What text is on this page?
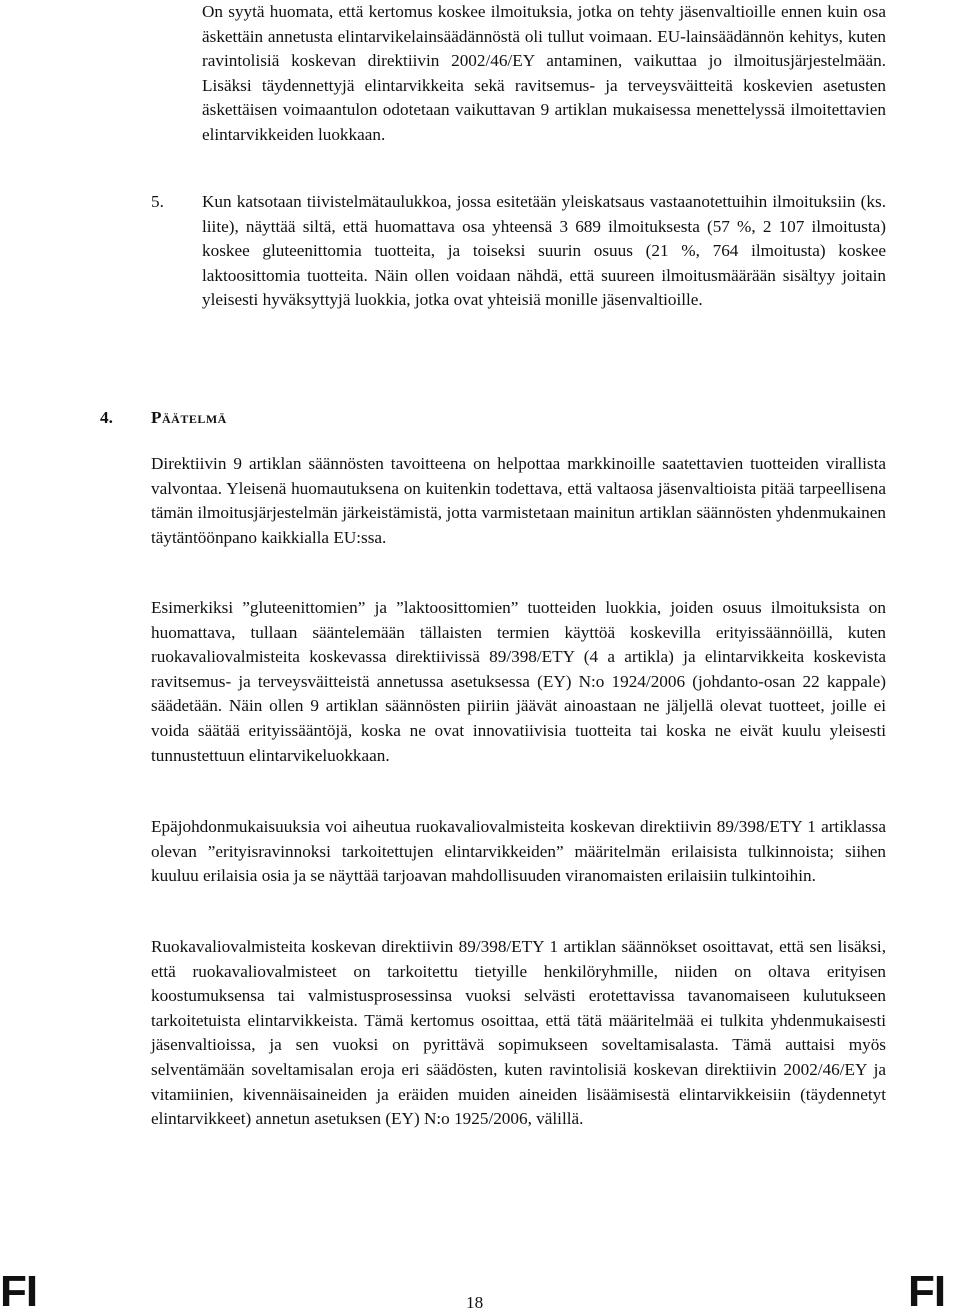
On syytä huomata, että kertomus koskee ilmoituksia, jotka on tehty jäsenvaltioille ennen kuin osa äskettäin annetusta elintarvikelainsäädännöstä oli tullut voimaan. EU-lainsäädännön kehitys, kuten ravintolisiä koskevan direktiivin 2002/46/EY antaminen, vaikuttaa jo ilmoitusjärjestelmään. Lisäksi täydennettyjä elintarvikkeita sekä ravitsemus- ja terveysväitteitä koskevien asetusten äskettäisen voimaantulon odotetaan vaikuttavan 9 artiklan mukaisessa menettelyssä ilmoitettavien elintarvikkeiden luokkaan.

5. Kun katsotaan tiivistelmätaulukkoa, jossa esitetään yleiskatsaus vastaanotettuihin ilmoituksiin (ks. liite), näyttää siltä, että huomattava osa yhteensä 3 689 ilmoituksesta (57 %, 2 107 ilmoitusta) koskee gluteenittomia tuotteita, ja toiseksi suurin osuus (21 %, 764 ilmoitusta) koskee laktoosittomia tuotteita. Näin ollen voidaan nähdä, että suureen ilmoitusmäärään sisältyy joitain yleisesti hyväksyttyjä luokkia, jotka ovat yhteisiä monille jäsenvaltioille.

4. Päätelmä

Direktiivin 9 artiklan säännösten tavoitteena on helpottaa markkinoille saatettavien tuotteiden virallista valvontaa. Yleisenä huomautuksena on kuitenkin todettava, että valtaosa jäsenvaltioista pitää tarpeellisena tämän ilmoitusjärjestelmän järkeistämistä, jotta varmistetaan mainitun artiklan säännösten yhdenmukainen täytäntöönpano kaikkialla EU:ssa.

Esimerkiksi ”gluteenittomien” ja ”laktoosittomien” tuotteiden luokkia, joiden osuus ilmoituksista on huomattava, tullaan sääntelemään tällaisten termien käyttöä koskevilla erityissäännöillä, kuten ruokavaliovalmisteita koskevassa direktiivissä 89/398/ETY (4 a artikla) ja elintarvikkeita koskevista ravitsemus- ja terveysväitteistä annetussa asetuksessa (EY) N:o 1924/2006 (johdanto-osan 22 kappale) säädetään. Näin ollen 9 artiklan säännösten piiriin jäävät ainoastaan ne jäljellä olevat tuotteet, joille ei voida säätää erityissääntöjä, koska ne ovat innovatiivisia tuotteita tai koska ne eivät kuulu yleisesti tunnustettuun elintarvikeluokkaan.

Epäjohdonmukaisuuksia voi aiheutua ruokavaliovalmisteita koskevan direktiivin 89/398/ETY 1 artiklassa olevan ”erityisravinnoksi tarkoitettujen elintarvikkeiden” määritelmän erilaisista tulkinnoista; siihen kuuluu erilaisia osia ja se näyttää tarjoavan mahdollisuuden viranomaisten erilaisiin tulkintoihin.

Ruokavaliovalmisteita koskevan direktiivin 89/398/ETY 1 artiklan säännökset osoittavat, että sen lisäksi, että ruokavaliovalmisteet on tarkoitettu tietyille henkilöryhmille, niiden on oltava erityisen koostumuksensa tai valmistusprosessinsa vuoksi selvästi erotettavissa tavanomaiseen kulutukseen tarkoitetuista elintarvikkeista. Tämä kertomus osoittaa, että tätä määritelmää ei tulkita yhdenmukaisesti jäsenvaltioissa, ja sen vuoksi on pyrittävä sopimukseen soveltamisalasta. Tämä auttaisi myös selventämään soveltamisalan eroja eri säädösten, kuten ravintolisiä koskevan direktiivin 2002/46/EY ja vitamiinien, kivennäisaineiden ja eräiden muiden aineiden lisäämisestä elintarvikkeisiin (täydennetyt elintarvikkeet) annetun asetuksen (EY) N:o 1925/2006, välillä.

FI	18	FI
